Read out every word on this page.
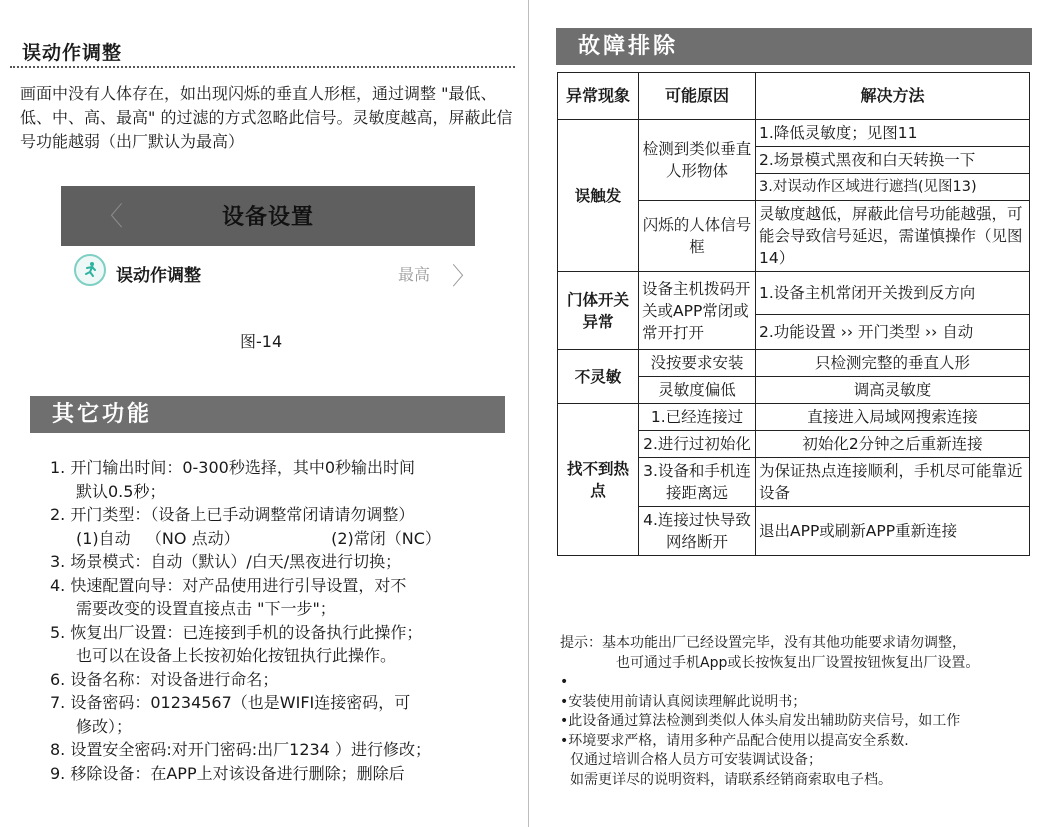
误动作调整
画面中没有人体存在，如出现闪烁的垂直人形框，通过调整 "最低、低、中、高、最高" 的过滤的方式忽略此信号。灵敏度越高，屏蔽此信号功能越弱（出厂默认为最高）
〈	设备设置
误动作调整	最高 〉
图-14
其它功能
1. 开门输出时间：0-300秒选择，其中0秒输出时间
默认0.5秒；
2. 开门类型：（设备上已手动调整常闭请请勿调整）
(1)自动   （NO 点动）                  (2)常闭（NC）
3. 场景模式：自动（默认）/白天/黑夜进行切换；
4. 快速配置向导：对产品使用进行引导设置，对不
需要改变的设置直接点击 "下一步"；
5. 恢复出厂设置：已连接到手机的设备执行此操作；
也可以在设备上长按初始化按钮执行此操作。
6. 设备名称：对设备进行命名；
7. 设备密码：01234567（也是WIFI连接密码，可
修改）；
8. 设置安全密码:对开门密码:出厂1234 ）进行修改；
9. 移除设备：在APP上对该设备进行删除；删除后
故障排除
异常现象	可能原因	解决方法
误触发	检测到类似垂直人形物体	1.降低灵敏度；见图11
		2.场景模式黑夜和白天转换一下
		3.对误动作区域进行遮挡(见图13)
	闪烁的人体信号框	灵敏度越低，屏蔽此信号功能越强，可能会导致信号延迟，需谨慎操作（见图14）
门体开关异常	设备主机拨码开关或APP常闭或常开打开	1.设备主机常闭开关拨到反方向
		2.功能设置 ›› 开门类型 ›› 自动
不灵敏	没按要求安装	只检测完整的垂直人形
	灵敏度偏低	调高灵敏度
找不到热点	1.已经连接过	直接进入局域网搜索连接
	2.进行过初始化	初始化2分钟之后重新连接
	3.设备和手机连接距离远	为保证热点连接顺利，手机尽可能靠近设备
	4.连接过快导致网络断开	退出APP或刷新APP重新连接
提示：基本功能出厂已经设置完毕，没有其他功能要求请勿调整，
也可通过手机App或长按恢复出厂设置按钮恢复出厂设置。
•
•安装使用前请认真阅读理解此说明书；
•此设备通过算法检测到类似人体头肩发出辅助防夹信号，如工作
•环境要求严格，请用多种产品配合使用以提高安全系数.
仅通过培训合格人员方可安装调试设备；
如需更详尽的说明资料，请联系经销商索取电子档。
